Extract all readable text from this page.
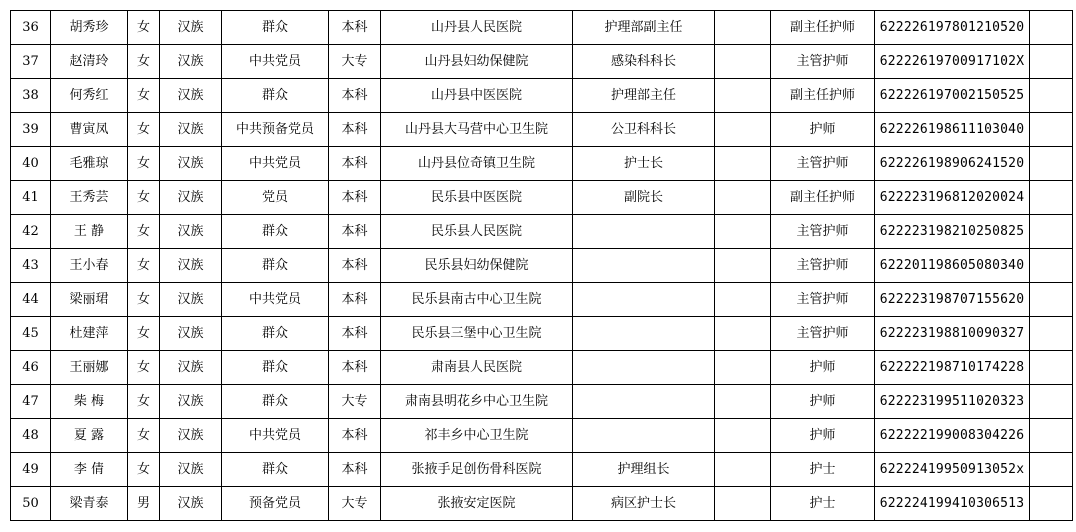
36	胡秀珍	女	汉族	群众	本科	山丹县人民医院	护理部副主任		副主任护师	622226197801210520	
37	赵清玲	女	汉族	中共党员	大专	山丹县妇幼保健院	感染科科长		主管护师	62222619700917102X	
38	何秀红	女	汉族	群众	本科	山丹县中医医院	护理部主任		副主任护师	622226197002150525	
39	曹寅凤	女	汉族	中共预备党员	本科	山丹县大马营中心卫生院	公卫科科长		护师	622226198611103040	
40	毛雅琼	女	汉族	中共党员	本科	山丹县位奇镇卫生院	护士长		主管护师	622226198906241520	
41	王秀芸	女	汉族	党员	本科	民乐县中医医院	副院长		副主任护师	622223196812020024	
42	王 静	女	汉族	群众	本科	民乐县人民医院			主管护师	622223198210250825	
43	王小春	女	汉族	群众	本科	民乐县妇幼保健院			主管护师	622201198605080340	
44	梁丽珺	女	汉族	中共党员	本科	民乐县南古中心卫生院			主管护师	622223198707155620	
45	杜建萍	女	汉族	群众	本科	民乐县三堡中心卫生院			主管护师	622223198810090327	
46	王丽娜	女	汉族	群众	本科	肃南县人民医院			护师	622222198710174228	
47	柴 梅	女	汉族	群众	大专	肃南县明花乡中心卫生院			护师	622223199511020323	
48	夏 露	女	汉族	中共党员	本科	祁丰乡中心卫生院			护师	622222199008304226	
49	李 倩	女	汉族	群众	本科	张掖手足创伤骨科医院	护理组长		护士	62222419950913052x	
50	梁青泰	男	汉族	预备党员	大专	张掖安定医院	病区护士长		护士	622224199410306513	
